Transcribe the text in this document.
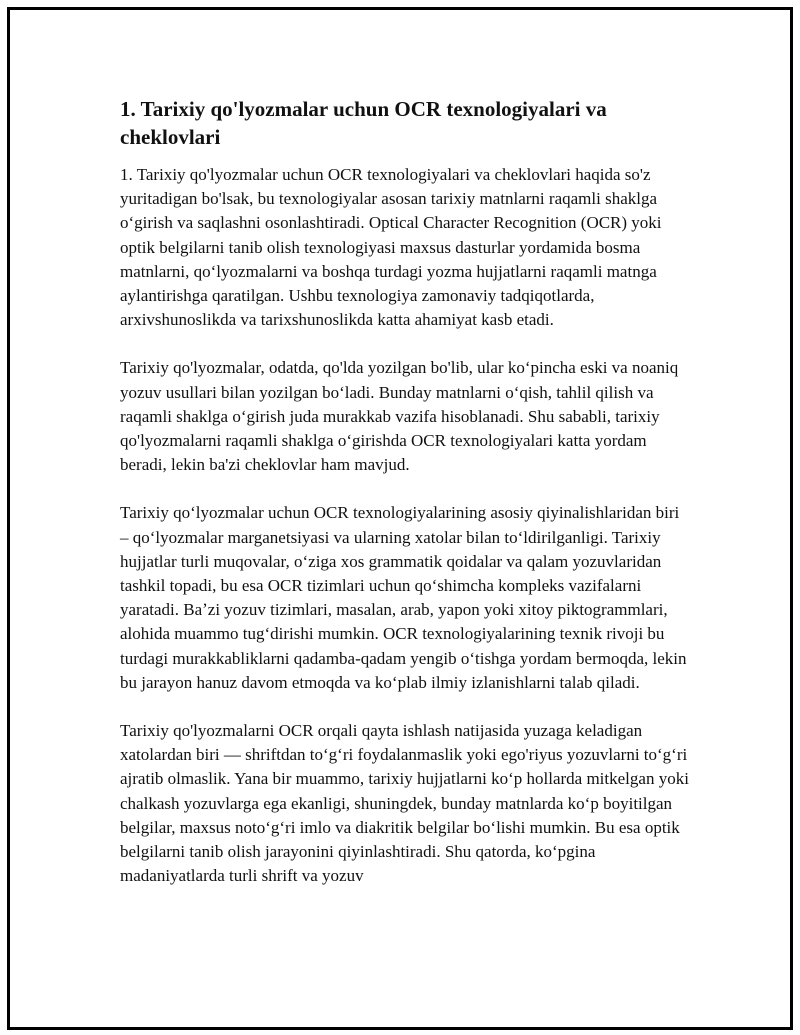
1. Tarixiy qo'lyozmalar uchun OCR texnologiyalari va cheklovlari

1. Tarixiy qo'lyozmalar uchun OCR texnologiyalari va cheklovlari haqida so'z yuritadigan bo'lsak, bu texnologiyalar asosan tarixiy matnlarni raqamli shaklga oʻgirish va saqlashni osonlashtiradi. Optical Character Recognition (OCR) yoki optik belgilarni tanib olish texnologiyasi maxsus dasturlar yordamida bosma matnlarni, qoʻlyozmalarni va boshqa turdagi yozma hujjatlarni raqamli matnga aylantirishga qaratilgan. Ushbu texnologiya zamonaviy tadqiqotlarda, arxivshunoslikda va tarixshunoslikda katta ahamiyat kasb etadi.

Tarixiy qo'lyozmalar, odatda, qo'lda yozilgan bo'lib, ular koʻpincha eski va noaniq yozuv usullari bilan yozilgan boʻladi. Bunday matnlarni oʻqish, tahlil qilish va raqamli shaklga oʻgirish juda murakkab vazifa hisoblanadi. Shu sababli, tarixiy qo'lyozmalarni raqamli shaklga oʻgirishda OCR texnologiyalari katta yordam beradi, lekin ba'zi cheklovlar ham mavjud.

Tarixiy qoʻlyozmalar uchun OCR texnologiyalarining asosiy qiyinalishlaridan biri – qoʻlyozmalar marganetsiyasi va ularning xatolar bilan toʻldirilganligi. Tarixiy hujjatlar turli muqovalar, oʻziga xos grammatik qoidalar va qalam yozuvlaridan tashkil topadi, bu esa OCR tizimlari uchun qoʻshimcha kompleks vazifalarni yaratadi. Baʼzi yozuv tizimlari, masalan, arab, yapon yoki xitoy piktogrammlari, alohida muammo tugʻdirishi mumkin. OCR texnologiyalarining texnik rivoji bu turdagi murakkabliklarni qadamba-qadam yengib oʻtishga yordam bermoqda, lekin bu jarayon hanuz davom etmoqda va koʻplab ilmiy izlanishlarni talab qiladi.

Tarixiy qo'lyozmalarni OCR orqali qayta ishlash natijasida yuzaga keladigan xatolardan biri — shriftdan toʻgʻri foydalanmaslik yoki ego'riyus yozuvlarni toʻgʻri ajratib olmaslik. Yana bir muammo, tarixiy hujjatlarni koʻp hollarda mitkelgan yoki chalkash yozuvlarga ega ekanligi, shuningdek, bunday matnlarda koʻp boyitilgan belgilar, maxsus notoʻgʻri imlo va diakritik belgilar boʻlishi mumkin. Bu esa optik belgilarni tanib olish jarayonini qiyinlashtiradi. Shu qatorda, koʻpgina madaniyatlarda turli shrift va yozuv
